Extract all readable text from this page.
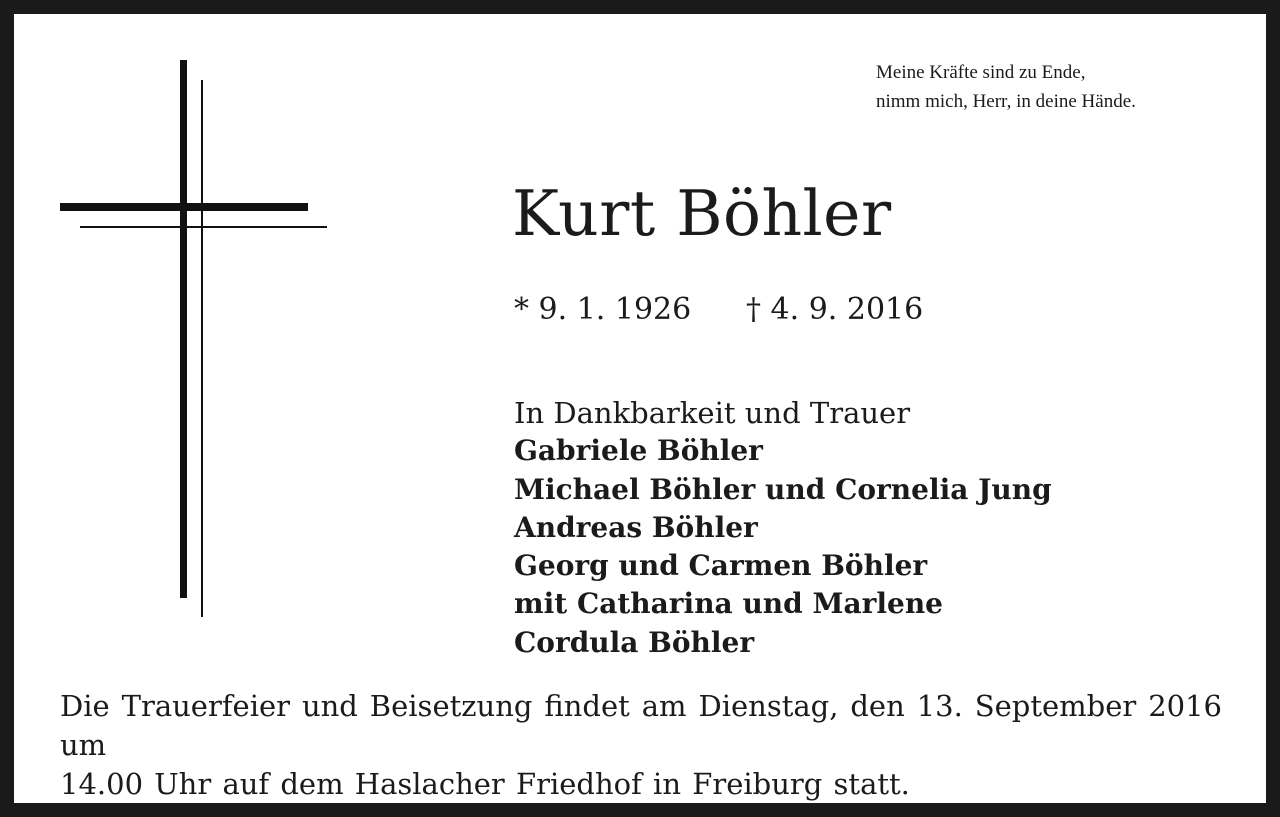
Meine Kräfte sind zu Ende,
nimm mich, Herr, in deine Hände.
Kurt Böhler
* 9. 1. 1926 † 4. 9. 2016
In Dankbarkeit und Trauer
Gabriele Böhler
Michael Böhler und Cornelia Jung
Andreas Böhler
Georg und Carmen Böhler
mit Catharina und Marlene
Cordula Böhler
Die Trauerfeier und Beisetzung findet am Dienstag, den 13. September 2016 um
14.00 Uhr auf dem Haslacher Friedhof in Freiburg statt.
